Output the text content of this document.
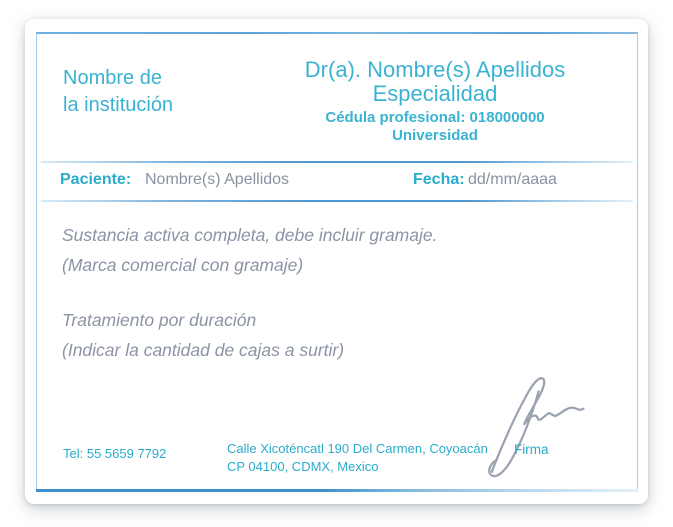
Nombre de
la institución
Dr(a). Nombre(s) Apellidos
Especialidad
Cédula profesional: 018000000
Universidad
Paciente: Nombre(s) Apellidos	Fecha: dd/mm/aaaa
Sustancia activa completa, debe incluir gramaje.
(Marca comercial con gramaje)
Tratamiento por duración
(Indicar la cantidad de cajas a surtir)
Firma
Tel: 55 5659 7792	Calle Xicoténcatl 190 Del Carmen, Coyoacán
CP 04100, CDMX, Mexico
